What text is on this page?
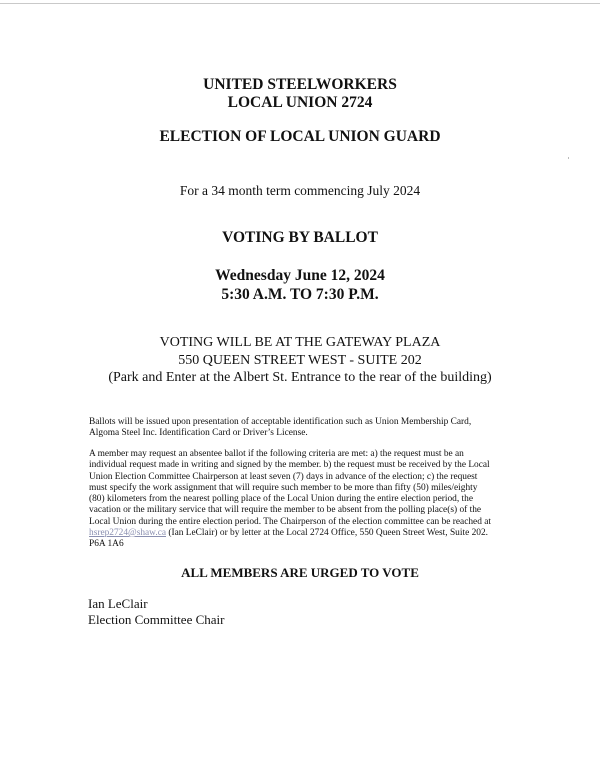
UNITED STEELWORKERS
LOCAL UNION 2724
ELECTION OF LOCAL UNION GUARD
For a 34 month term commencing July 2024
VOTING BY BALLOT
Wednesday June 12, 2024
5:30 A.M. TO 7:30 P.M.
VOTING WILL BE AT THE GATEWAY PLAZA
550 QUEEN STREET WEST - SUITE 202
(Park and Enter at the Albert St. Entrance to the rear of the building)
Ballots will be issued upon presentation of acceptable identification such as Union Membership Card,
Algoma Steel Inc. Identification Card or Driver’s License.
A member may request an absentee ballot if the following criteria are met: a) the request must be an
individual request made in writing and signed by the member. b) the request must be received by the Local
Union Election Committee Chairperson at least seven (7) days in advance of the election; c) the request
must specify the work assignment that will require such member to be more than fifty (50) miles/eighty
(80) kilometers from the nearest polling place of the Local Union during the entire election period, the
vacation or the military service that will require the member to be absent from the polling place(s) of the
Local Union during the entire election period. The Chairperson of the election committee can be reached at
hsrep2724@shaw.ca (Ian LeClair) or by letter at the Local 2724 Office, 550 Queen Street West, Suite 202.
P6A 1A6
ALL MEMBERS ARE URGED TO VOTE
Ian LeClair
Election Committee Chair
